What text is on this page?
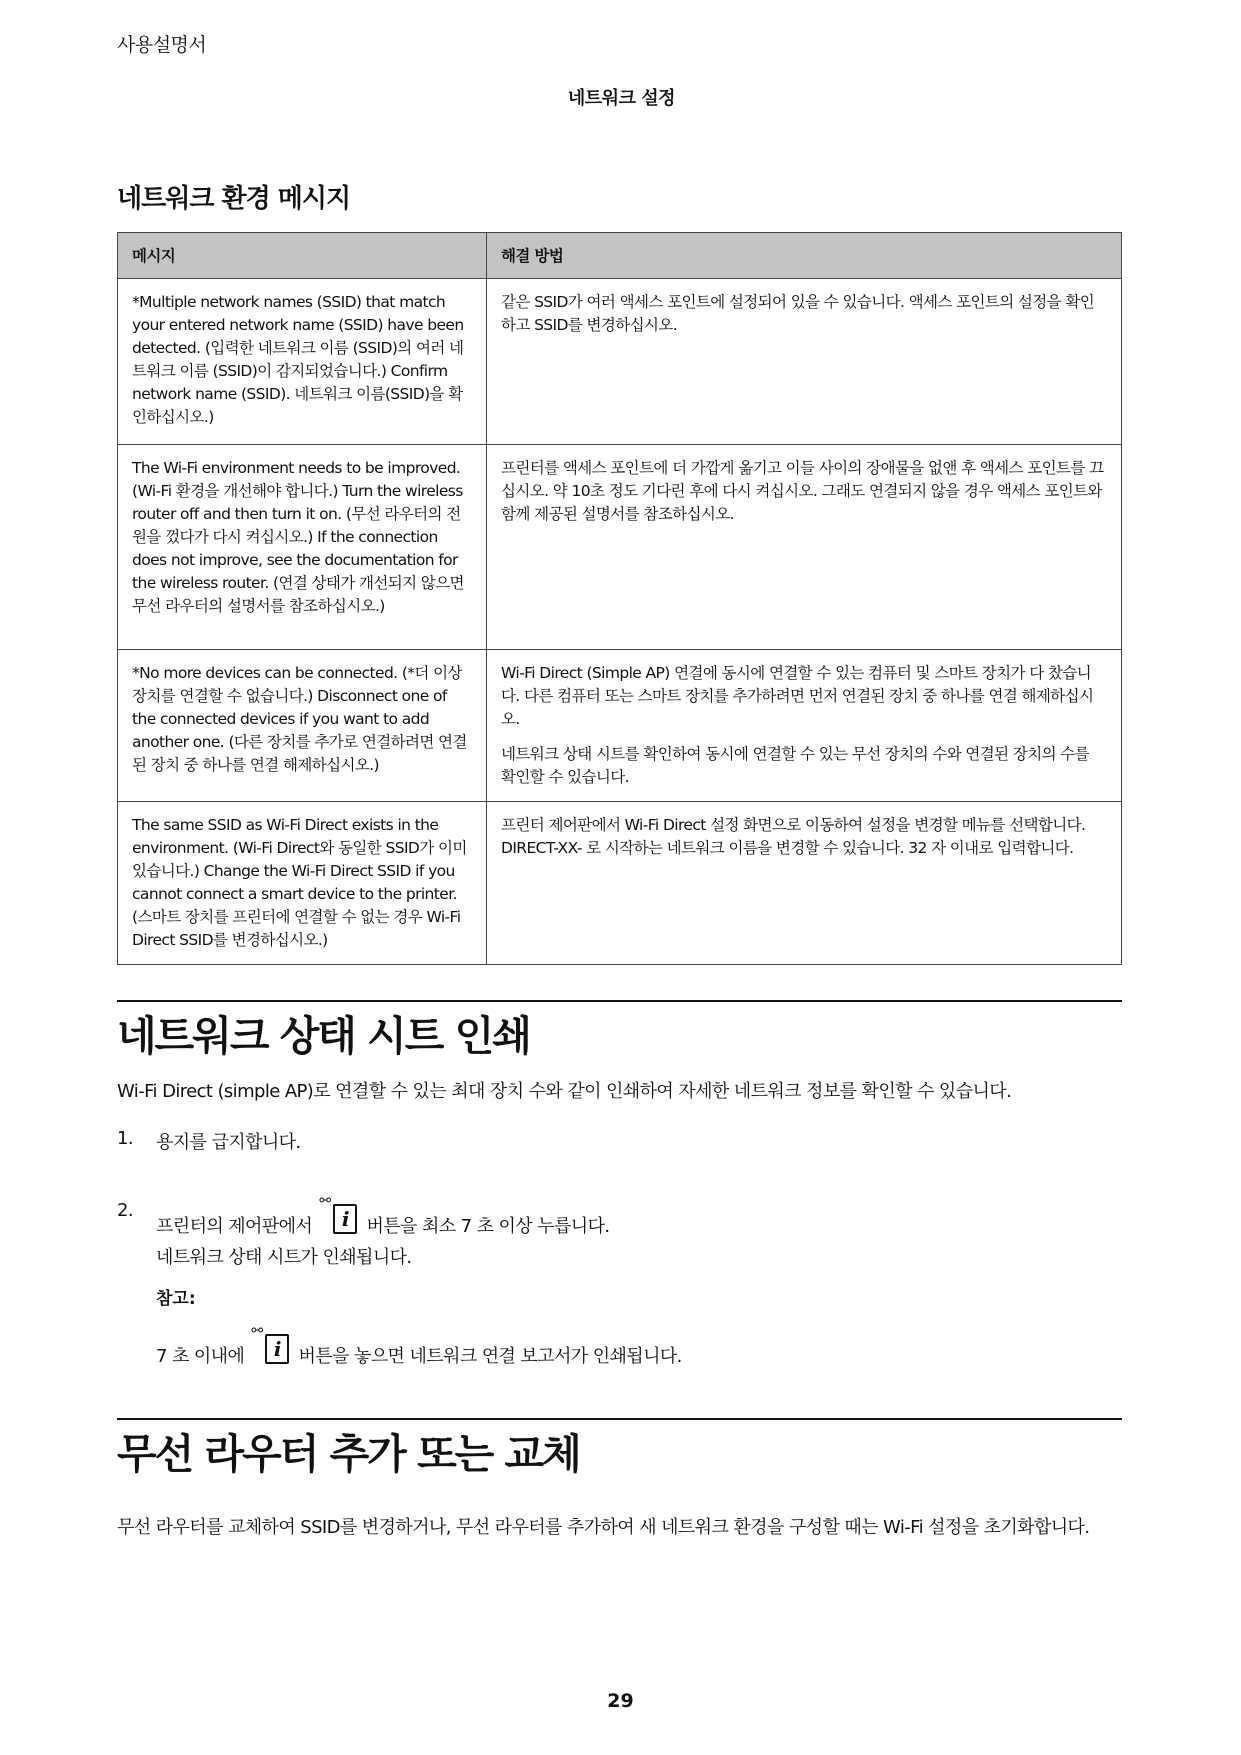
사용설명서
네트워크 설정
네트워크 환경 메시지
메시지	해결 방법
*Multiple network names (SSID) that match your entered network name (SSID) have been detected. (입력한 네트워크 이름 (SSID)의 여러 네트워크 이름 (SSID)이 감지되었습니다.) Confirm network name (SSID). 네트워크 이름(SSID)을 확인하십시오.)	같은 SSID가 여러 액세스 포인트에 설정되어 있을 수 있습니다. 액세스 포인트의 설정을 확인하고 SSID를 변경하십시오.

The Wi-Fi environment needs to be improved. (Wi-Fi 환경을 개선해야 합니다.) Turn the wireless router off and then turn it on. (무선 라우터의 전원을 껐다가 다시 켜십시오.) If the connection does not improve, see the documentation for the wireless router. (연결 상태가 개선되지 않으면 무선 라우터의 설명서를 참조하십시오.)	프린터를 액세스 포인트에 더 가깝게 옮기고 이들 사이의 장애물을 없앤 후 액세스 포인트를 끄십시오. 약 10초 정도 기다린 후에 다시 켜십시오. 그래도 연결되지 않을 경우 액세스 포인트와 함께 제공된 설명서를 참조하십시오.

*No more devices can be connected. (*더 이상 장치를 연결할 수 없습니다.) Disconnect one of the connected devices if you want to add another one. (다른 장치를 추가로 연결하려면 연결된 장치 중 하나를 연결 해제하십시오.)	Wi-Fi Direct (Simple AP) 연결에 동시에 연결할 수 있는 컴퓨터 및 스마트 장치가 다 찼습니다. 다른 컴퓨터 또는 스마트 장치를 추가하려면 먼저 연결된 장치 중 하나를 연결 해제하십시오.

네트워크 상태 시트를 확인하여 동시에 연결할 수 있는 무선 장치의 수와 연결된 장치의 수를 확인할 수 있습니다.

The same SSID as Wi-Fi Direct exists in the environment. (Wi-Fi Direct와 동일한 SSID가 이미 있습니다.) Change the Wi-Fi Direct SSID if you cannot connect a smart device to the printer. (스마트 장치를 프린터에 연결할 수 없는 경우 Wi-Fi Direct SSID를 변경하십시오.)	프린터 제어판에서 Wi-Fi Direct 설정 화면으로 이동하여 설정을 변경할 메뉴를 선택합니다. DIRECT-XX- 로 시작하는 네트워크 이름을 변경할 수 있습니다. 32 자 이내로 입력합니다.

네트워크 상태 시트 인쇄
Wi-Fi Direct (simple AP)로 연결할 수 있는 최대 장치 수와 같이 인쇄하여 자세한 네트워크 정보를 확인할 수 있습니다.
1. 용지를 급지합니다.
2.
프린터의 제어판에서
⚯
i 버튼을 최소 7 초 이상 누릅니다.
네트워크 상태 시트가 인쇄됩니다.
참고:
7 초 이내에
⚯
i 버튼을 놓으면 네트워크 연결 보고서가 인쇄됩니다.
무선 라우터 추가 또는 교체
무선 라우터를 교체하여 SSID를 변경하거나, 무선 라우터를 추가하여 새 네트워크 환경을 구성할 때는 Wi-Fi 설정을 초기화합니다.
29
